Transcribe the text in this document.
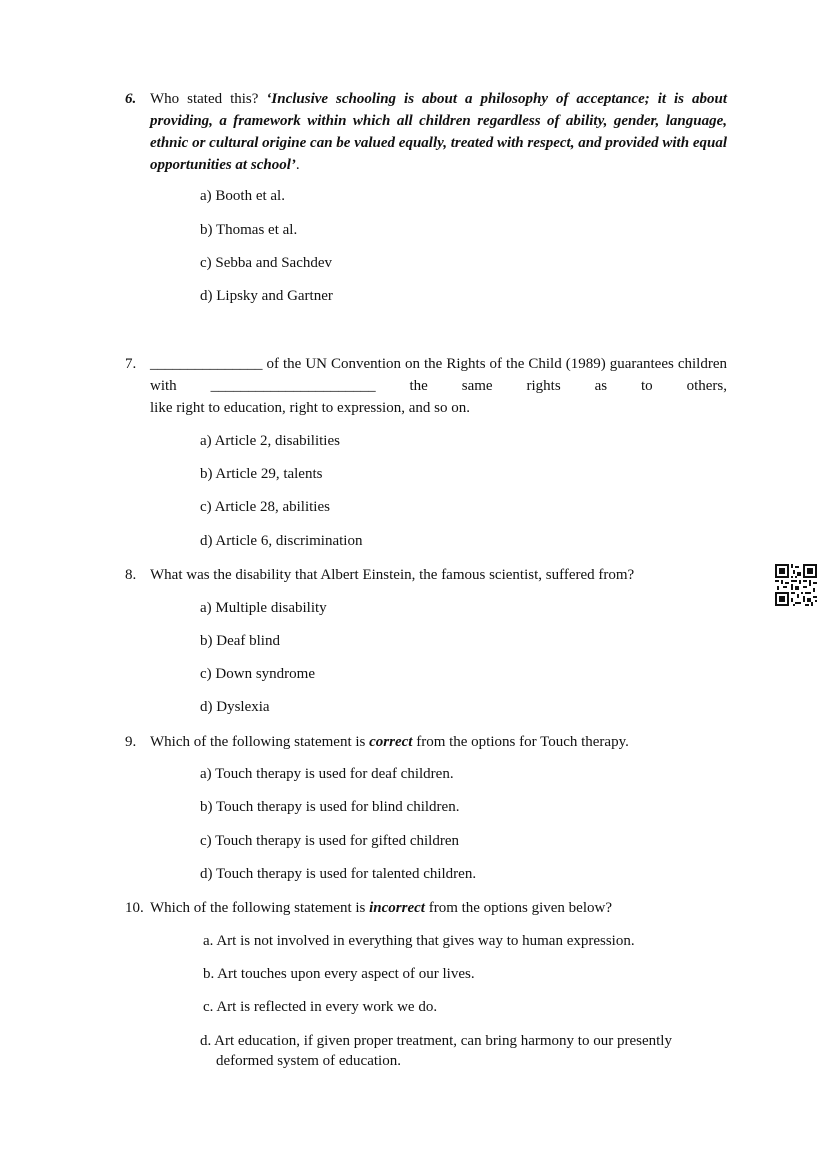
6. Who stated this? ‘Inclusive schooling is about a philosophy of acceptance; it is about providing, a framework within which all children regardless of ability, gender, language, ethnic or cultural origine can be valued equally, treated with respect, and provided with equal opportunities at school’.
a) Booth et al.
b) Thomas et al.
c) Sebba and Sachdev
d) Lipsky and Gartner
7. _______________ of the UN Convention on the Rights of the Child (1989) guarantees children with ______________________ the same rights as to others,
like right to education, right to expression, and so on.
a) Article 2, disabilities
b) Article 29, talents
c) Article 28, abilities
d) Article 6, discrimination
8. What was the disability that Albert Einstein, the famous scientist, suffered from?
a) Multiple disability
b) Deaf blind
c) Down syndrome
d) Dyslexia
9. Which of the following statement is correct from the options for Touch therapy.
a) Touch therapy is used for deaf children.
b) Touch therapy is used for blind children.
c) Touch therapy is used for gifted children
d) Touch therapy is used for talented children.
10. Which of the following statement is incorrect from the options given below?
a. Art is not involved in everything that gives way to human expression.
b. Art touches upon every aspect of our lives.
c. Art is reflected in every work we do.
d. Art education, if given proper treatment, can bring harmony to our presently
deformed system of education.
